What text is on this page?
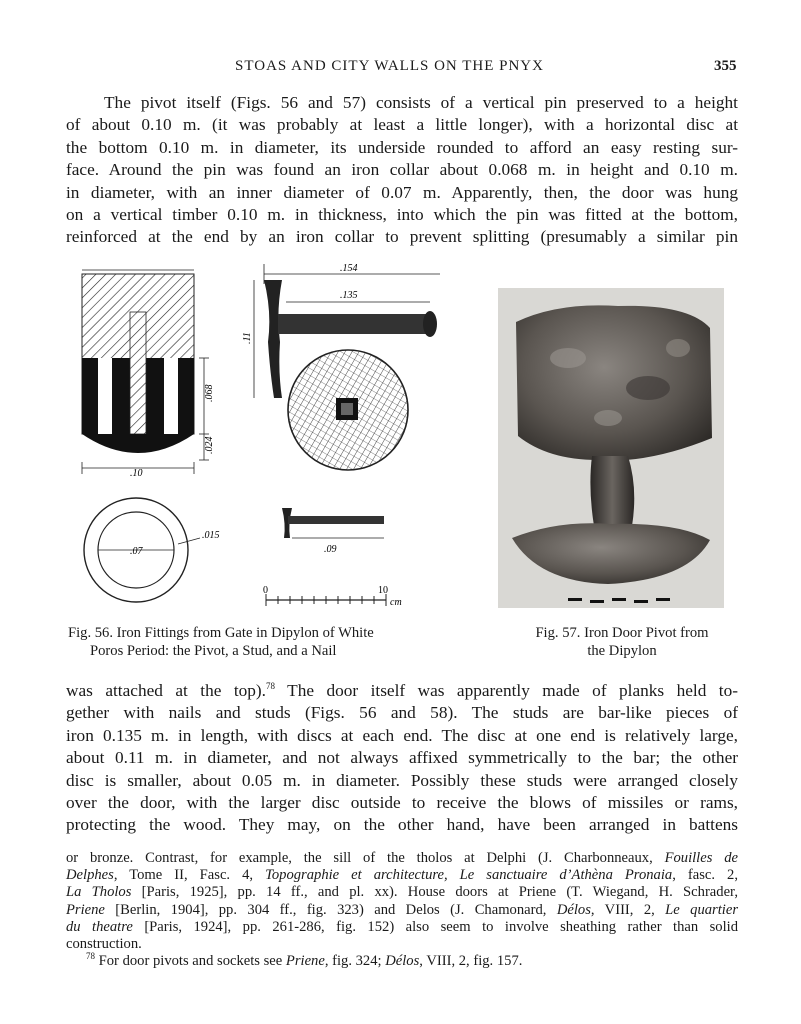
STOAS AND CITY WALLS ON THE PNYX	355
The pivot itself (Figs. 56 and 57) consists of a vertical pin preserved to a height
of about 0.10 m. (it was probably at least a little longer), with a horizontal disc at
the bottom 0.10 m. in diameter, its underside rounded to afford an easy resting sur-
face. Around the pin was found an iron collar about 0.068 m. in height and 0.10 m.
in diameter, with an inner diameter of 0.07 m. Apparently, then, the door was hung
on a vertical timber 0.10 m. in thickness, into which the pin was fitted at the bottom,
reinforced at the end by an iron collar to prevent splitting (presumably a similar pin
.068
.024
.10
.07
.015
.154
.135
.11
.09
0	10
cm
Fig. 56. Iron Fittings from Gate in Dipylon of White
Poros Period: the Pivot, a Stud, and a Nail
Fig. 57. Iron Door Pivot from
the Dipylon
was attached at the top).$^{78}$ The door itself was apparently made of planks held to-
gether with nails and studs (Figs. 56 and 58). The studs are bar-like pieces of
iron 0.135 m. in length, with discs at each end. The disc at one end is relatively large,
about 0.11 m. in diameter, and not always affixed symmetrically to the bar; the other
disc is smaller, about 0.05 m. in diameter. Possibly these studs were arranged closely
over the door, with the larger disc outside to receive the blows of missiles or rams,
protecting the wood. They may, on the other hand, have been arranged in battens
or bronze. Contrast, for example, the sill of the tholos at Delphi (J. Charbonneaux, Fouilles de
Delphes, Tome II, Fasc. 4, Topographie et architecture, Le sanctuaire d’Athèna Pronaia, fasc. 2,
La Tholos [Paris, 1925], pp. 14 ff., and pl. xx). House doors at Priene (T. Wiegand, H. Schrader,
Priene [Berlin, 1904], pp. 304 ff., fig. 323) and Delos (J. Chamonard, Délos, VIII, 2, Le quartier
du theatre [Paris, 1924], pp. 261-286, fig. 152) also seem to involve sheathing rather than solid
construction.
$^{78}$ For door pivots and sockets see Priene, fig. 324; Délos, VIII, 2, fig. 157.
